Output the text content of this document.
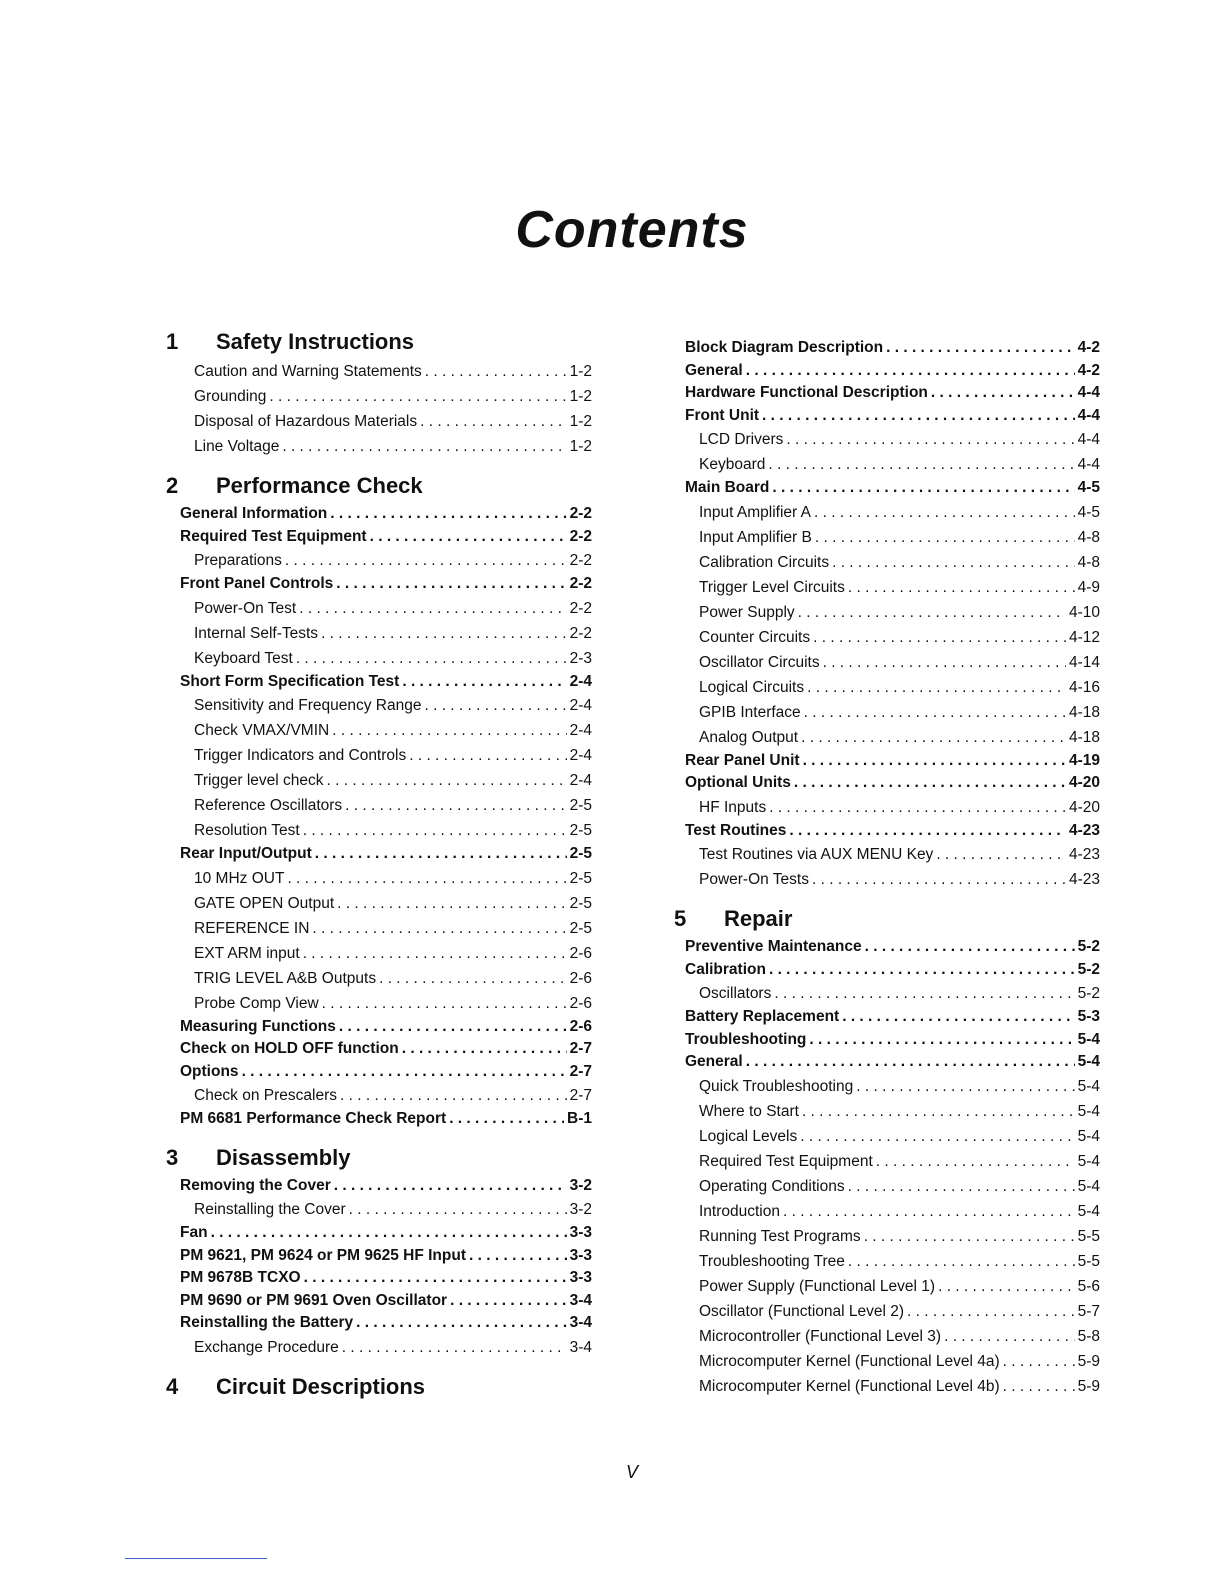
Contents
1	Safety Instructions
Caution and Warning Statements . . .	1-2
Grounding . . .	1-2
Disposal of Hazardous Materials . . .	1-2
Line Voltage . . .	1-2
2	Performance Check
General Information . . .	2-2
Required Test Equipment . . .	2-2
Preparations . . .	2-2
Front Panel Controls . . .	2-2
Power-On Test . . .	2-2
Internal Self-Tests . . .	2-2
Keyboard Test . . .	2-3
Short Form Specification Test . . .	2-4
Sensitivity and Frequency Range . . .	2-4
Check VMAX/VMIN . . .	2-4
Trigger Indicators and Controls . . .	2-4
Trigger level check . . .	2-4
Reference Oscillators . . .	2-5
Resolution Test . . .	2-5
Rear Input/Output . . .	2-5
10 MHz OUT . . .	2-5
GATE OPEN Output . . .	2-5
REFERENCE IN . . .	2-5
EXT ARM input . . .	2-6
TRIG LEVEL A&B Outputs . . .	2-6
Probe Comp View . . .	2-6
Measuring Functions . . .	2-6
Check on HOLD OFF function . . .	2-7
Options . . .	2-7
Check on Prescalers . . .	2-7
PM 6681 Performance Check Report . . .	B-1
3	Disassembly
Removing the Cover . . .	3-2
Reinstalling the Cover . . .	3-2
Fan . . .	3-3
PM 9621, PM 9624 or PM 9625 HF Input . . .	3-3
PM 9678B TCXO . . .	3-3
PM 9690 or PM 9691 Oven Oscillator . . .	3-4
Reinstalling the Battery . . .	3-4
Exchange Procedure . . .	3-4
4	Circuit Descriptions
Block Diagram Description . . .	4-2
General . . .	4-2
Hardware Functional Description . . .	4-4
Front Unit . . .	4-4
LCD Drivers . . .	4-4
Keyboard . . .	4-4
Main Board . . .	4-5
Input Amplifier A . . .	4-5
Input Amplifier B . . .	4-8
Calibration Circuits . . .	4-8
Trigger Level Circuits . . .	4-9
Power Supply . . .	4-10
Counter Circuits . . .	4-12
Oscillator Circuits . . .	4-14
Logical Circuits . . .	4-16
GPIB Interface . . .	4-18
Analog Output . . .	4-18
Rear Panel Unit . . .	4-19
Optional Units . . .	4-20
HF Inputs . . .	4-20
Test Routines . . .	4-23
Test Routines via AUX MENU Key . . .	4-23
Power-On Tests . . .	4-23
5	Repair
Preventive Maintenance . . .	5-2
Calibration . . .	5-2
Oscillators . . .	5-2
Battery Replacement . . .	5-3
Troubleshooting . . .	5-4
General . . .	5-4
Quick Troubleshooting . . .	5-4
Where to Start . . .	5-4
Logical Levels . . .	5-4
Required Test Equipment . . .	5-4
Operating Conditions . . .	5-4
Introduction . . .	5-4
Running Test Programs . . .	5-5
Troubleshooting Tree . . .	5-5
Power Supply (Functional Level 1) . . .	5-6
Oscillator (Functional Level 2) . . .	5-7
Microcontroller (Functional Level 3) . . .	5-8
Microcomputer Kernel (Functional Level 4a) . . .	5-9
Microcomputer Kernel (Functional Level 4b) . . .	5-9
V
